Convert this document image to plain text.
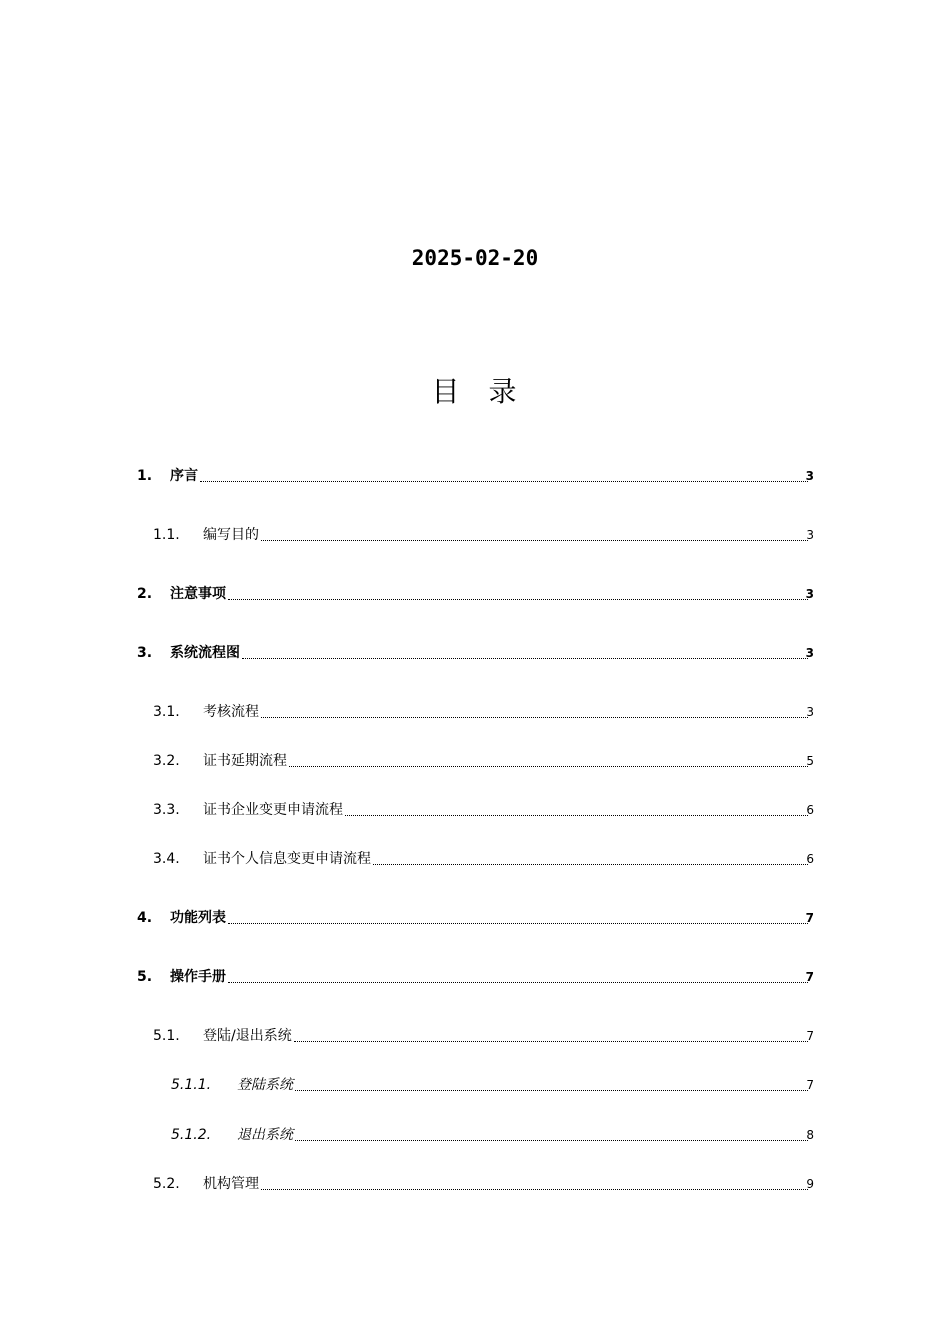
2025-02-20
目 录
1. 序言	3
1.1. 编写目的	3
2. 注意事项	3
3. 系统流程图	3
3.1. 考核流程	3
3.2. 证书延期流程	5
3.3. 证书企业变更申请流程	6
3.4. 证书个人信息变更申请流程	6
4. 功能列表	7
5. 操作手册	7
5.1. 登陆/退出系统	7
5.1.1. 登陆系统	7
5.1.2. 退出系统	8
5.2. 机构管理	9
